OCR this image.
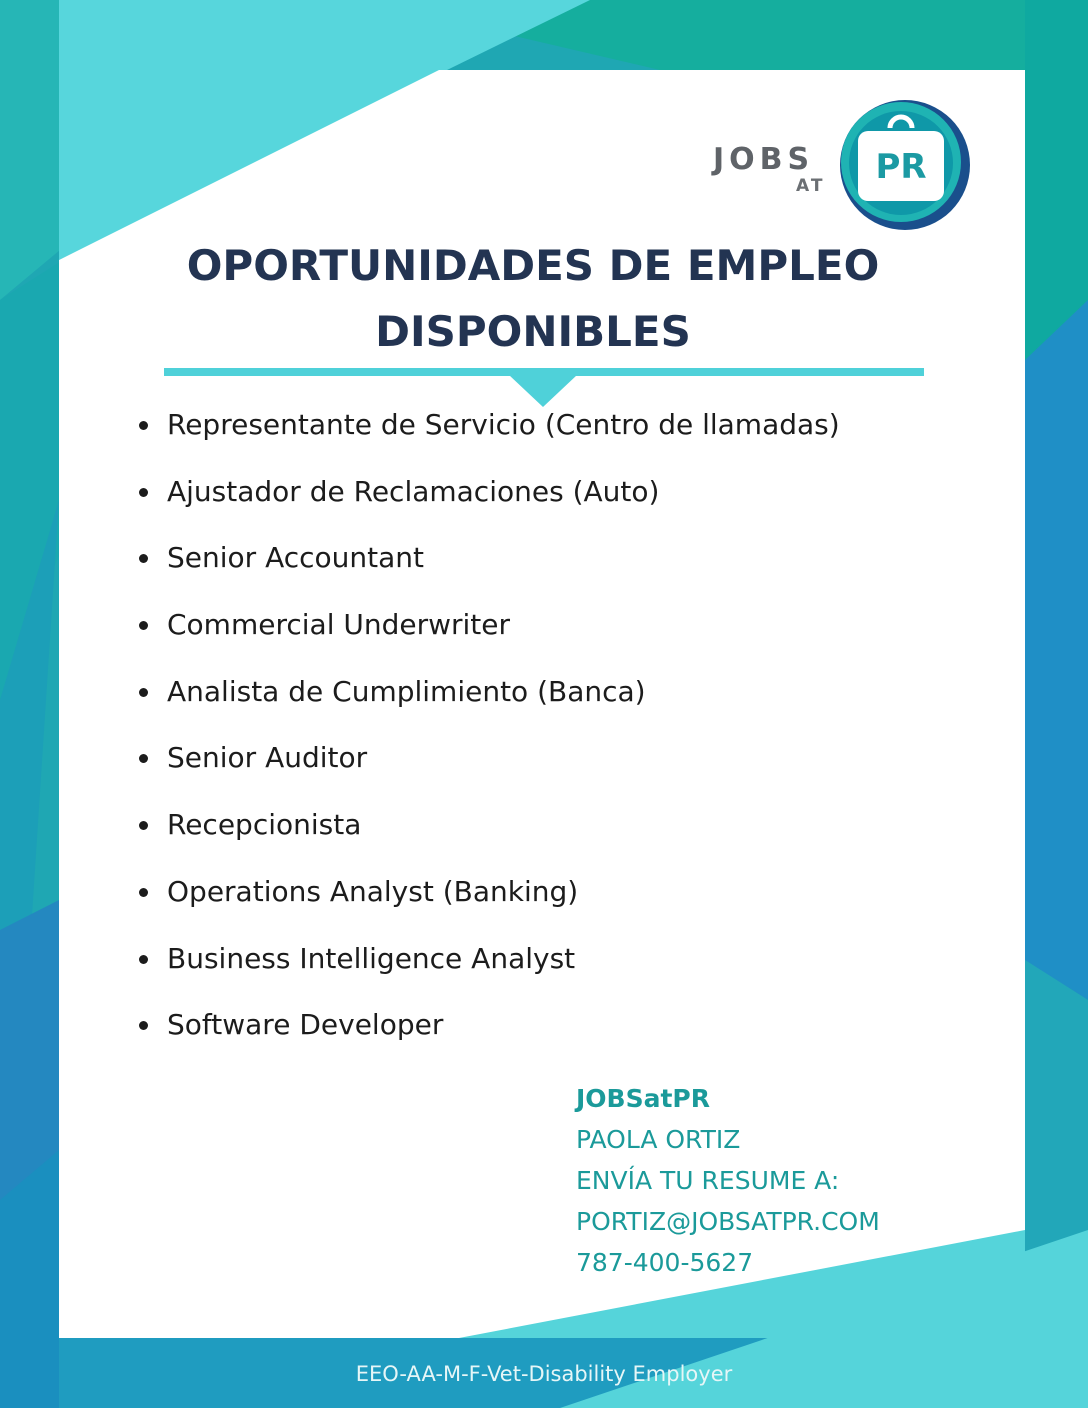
JOBS
AT PR
OPORTUNIDADES DE EMPLEO
DISPONIBLES
Representante de Servicio (Centro de llamadas)
Ajustador de Reclamaciones (Auto)
Senior Accountant
Commercial Underwriter
Analista de Cumplimiento (Banca)
Senior Auditor
Recepcionista
Operations Analyst (Banking)
Business Intelligence Analyst
Software Developer
JOBSatPR
PAOLA ORTIZ
ENVÍA TU RESUME A:
PORTIZ@JOBSATPR.COM
787-400-5627
EEO-AA-M-F-Vet-Disability Employer
